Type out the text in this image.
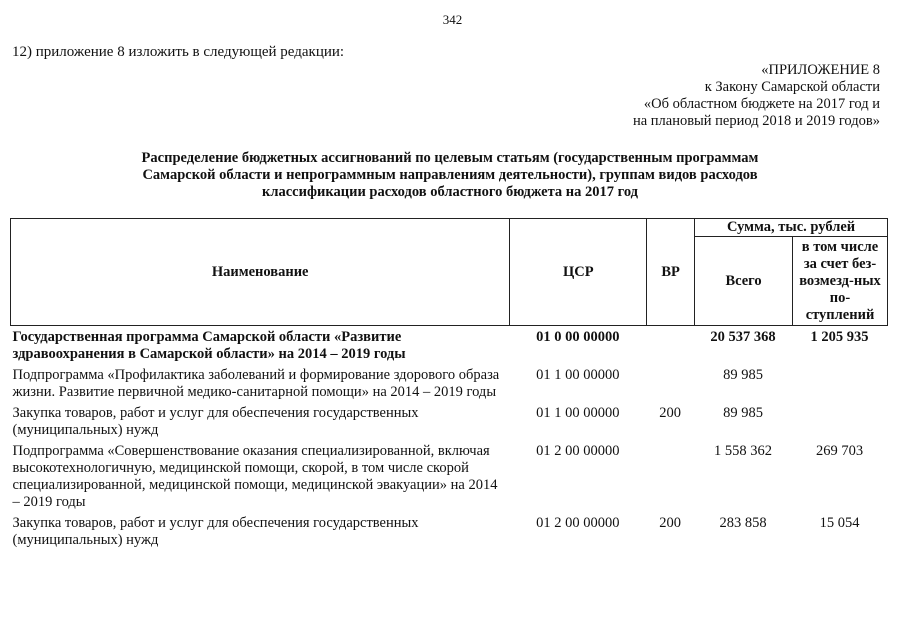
342
12) приложение 8 изложить в следующей редакции:
«ПРИЛОЖЕНИЕ 8
к Закону Самарской области
«Об областном бюджете на 2017 год и
на плановый период 2018 и 2019 годов»
Распределение бюджетных ассигнований по целевым статьям (государственным программам
Самарской области и непрограммным направлениям деятельности), группам видов расходов
классификации расходов областного бюджета на 2017 год
Наименование	ЦСР	ВР	Сумма, тыс. рублей	
			Всего	в том числе за счет без-возмезд-ных по-ступлений
Государственная программа Самарской области «Развитие здравоохранения в Самарской области» на 2014 – 2019 годы	01 0 00 00000		20 537 368	1 205 935
Подпрограмма «Профилактика заболеваний и формирование здорового образа жизни. Развитие первичной медико-санитарной помощи» на 2014 – 2019 годы	01 1 00 00000		89 985	
Закупка товаров, работ и услуг для обеспечения государственных (муниципальных) нужд	01 1 00 00000	200	89 985	
Подпрограмма «Совершенствование оказания специализированной, включая высокотехнологичную, медицинской помощи, скорой, в том числе скорой специализированной, медицинской помощи, медицинской эвакуации» на 2014 – 2019 годы	01 2 00 00000		1 558 362	269 703
Закупка товаров, работ и услуг для обеспечения государственных (муниципальных) нужд	01 2 00 00000	200	283 858	15 054
